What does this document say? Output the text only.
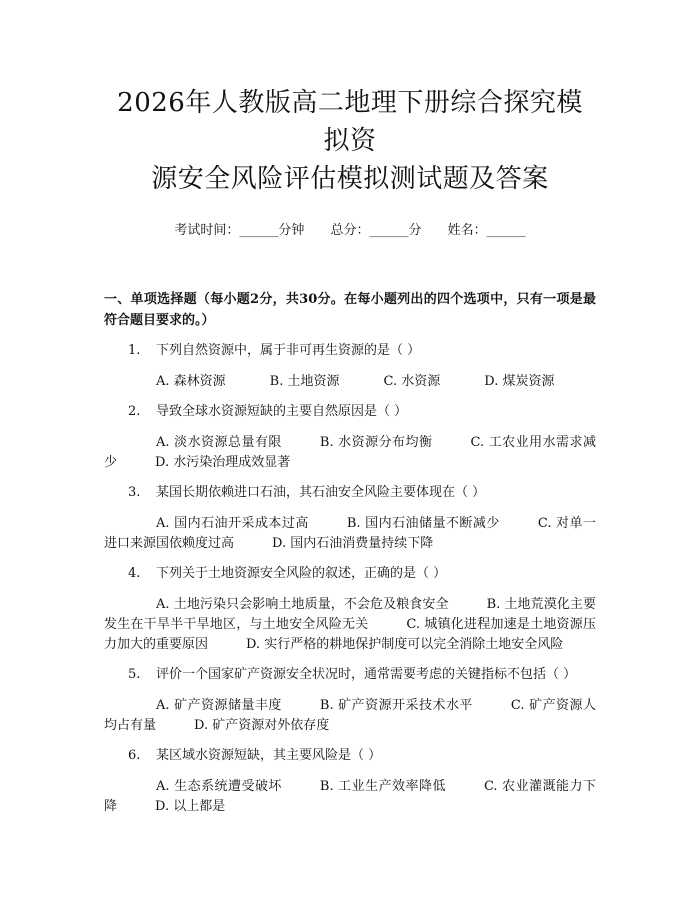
2026年人教版高二地理下册综合探究模拟资
源安全风险评估模拟测试题及答案
考试时间：______分钟 总分：______分 姓名：______
一、单项选择题（每小题2分，共30分。在每小题列出的四个选项中，只有一项是最符合题目要求的。）
1. 下列自然资源中，属于非可再生资源的是（ ）
A. 森林资源	B. 土地资源	C. 水资源	D. 煤炭资源
2. 导致全球水资源短缺的主要自然原因是（ ）
A. 淡水资源总量有限	B. 水资源分布均衡	C. 工农业用水需求减少	D. 水污染治理成效显著
3. 某国长期依赖进口石油，其石油安全风险主要体现在（ ）
A. 国内石油开采成本过高	B. 国内石油储量不断减少	C. 对单一进口来源国依赖度过高	D. 国内石油消费量持续下降
4. 下列关于土地资源安全风险的叙述，正确的是（ ）
A. 土地污染只会影响土地质量，不会危及粮食安全	B. 土地荒漠化主要发生在干旱半干旱地区，与土地安全风险无关	C. 城镇化进程加速是土地资源压力加大的重要原因	D. 实行严格的耕地保护制度可以完全消除土地安全风险
5. 评价一个国家矿产资源安全状况时，通常需要考虑的关键指标不包括（ ）
A. 矿产资源储量丰度	B. 矿产资源开采技术水平	C. 矿产资源人均占有量	D. 矿产资源对外依存度
6. 某区域水资源短缺，其主要风险是（ ）
A. 生态系统遭受破坏	B. 工业生产效率降低	C. 农业灌溉能力下降	D. 以上都是
